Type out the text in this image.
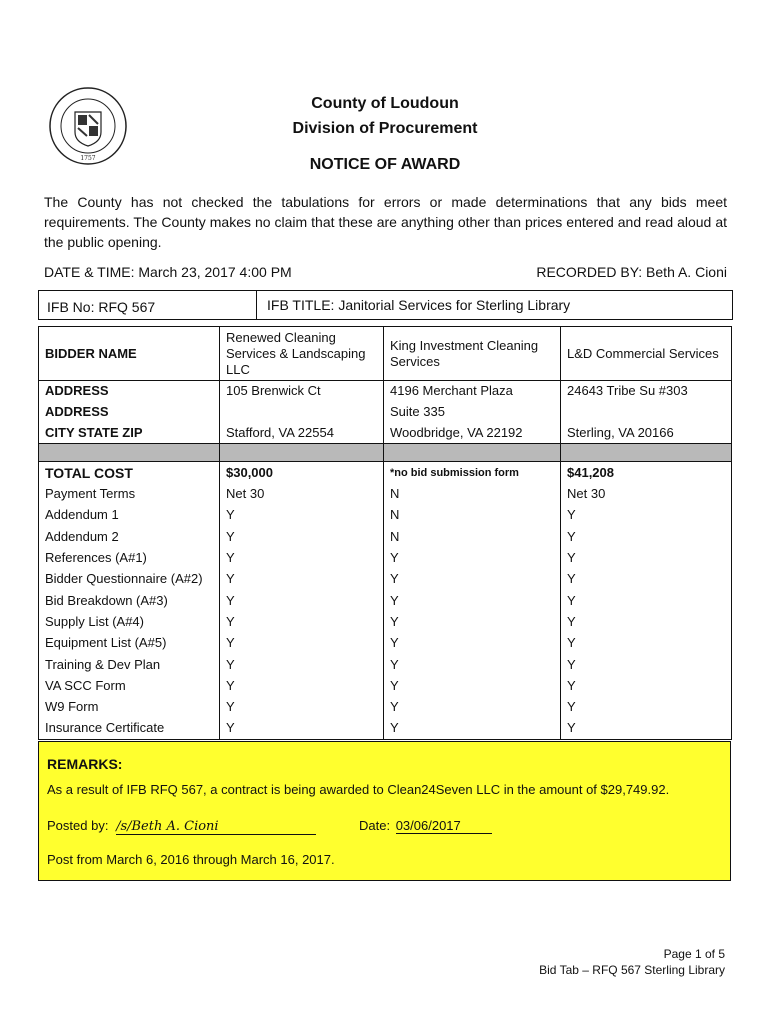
1757
County of Loudoun
Division of Procurement
NOTICE OF AWARD
The County has not checked the tabulations for errors or made determinations that any bids meet requirements. The County makes no claim that these are anything other than prices entered and read aloud at the public opening.
DATE & TIME: March 23, 2017 4:00 PM	RECORDED BY: Beth A. Cioni
IFB No: RFQ 567	IFB TITLE: Janitorial Services for Sterling Library
BIDDER NAME	Renewed Cleaning Services & Landscaping LLC	King Investment Cleaning Services	L&D Commercial Services
ADDRESS	105 Brenwick Ct	4196 Merchant Plaza	24643 Tribe Su #303
ADDRESS		Suite 335	
CITY STATE ZIP	Stafford, VA 22554	Woodbridge, VA 22192	Sterling, VA 20166

TOTAL COST	$30,000	*no bid submission form	$41,208
Payment Terms	Net 30	N	Net 30
Addendum 1	Y	N	Y
Addendum 2	Y	N	Y
References (A#1)	Y	Y	Y
Bidder Questionnaire (A#2)	Y	Y	Y
Bid Breakdown (A#3)	Y	Y	Y
Supply List (A#4)	Y	Y	Y
Equipment List (A#5)	Y	Y	Y
Training & Dev Plan	Y	Y	Y
VA SCC Form	Y	Y	Y
W9 Form	Y	Y	Y
Insurance Certificate	Y	Y	Y
REMARKS:
As a result of IFB RFQ 567, a contract is being awarded to Clean24Seven LLC in the amount of $29,749.92.
Posted by: /s/Beth A. Cioni	Date: 03/06/2017
Post from March 6, 2016 through March 16, 2017.
Page 1 of 5
Bid Tab – RFQ 567 Sterling Library
